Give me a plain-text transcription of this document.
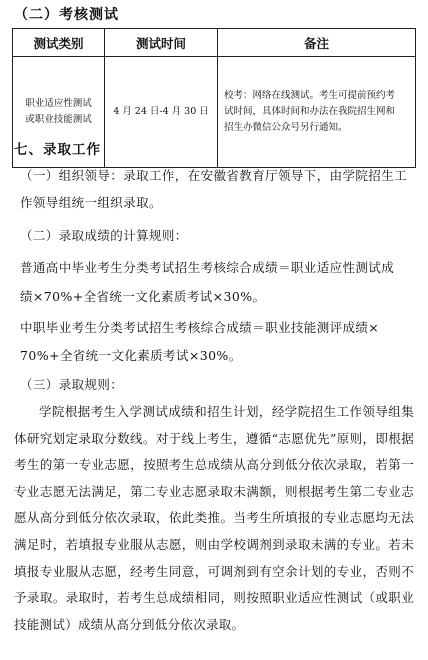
（二）考核测试
测试类别	测试时间	备注

职业适应性测试
或职业技能测试	4 月 24 日-4 月 30 日	校考：网络在线测试。考生可提前预约考
试时间，具体时间和办法在我院招生网和
招生办微信公众号另行通知。
七、录取工作
（一）组织领导：录取工作，在安徽省教育厅领导下，由学院招生工
作领导组统一组织录取。
（二）录取成绩的计算规则：
普通高中毕业考生分类考试招生考核综合成绩＝职业适应性测试成
绩×70%+全省统一文化素质考试×30%。
中职毕业考生分类考试招生考核综合成绩＝职业技能测评成绩×
70%+全省统一文化素质考试×30%。
（三）录取规则：

学院根据考生入学测试成绩和招生计划，经学院招生工作领导组集体研究划定录取分数线。对于线上考生，遵循“志愿优先”原则，即根据考生的第一专业志愿，按照考生总成绩从高分到低分依次录取，若第一专业志愿无法满足，第二专业志愿录取未满额，则根据考生第二专业志愿从高分到低分依次录取，依此类推。当考生所填报的专业志愿均无法满足时，若填报专业服从志愿，则由学校调剂到录取未满的专业。若未填报专业服从志愿，经考生同意，可调剂到有空余计划的专业，否则不予录取。录取时，若考生总成绩相同，则按照职业适应性测试（或职业技能测试）成绩从高分到低分依次录取。
